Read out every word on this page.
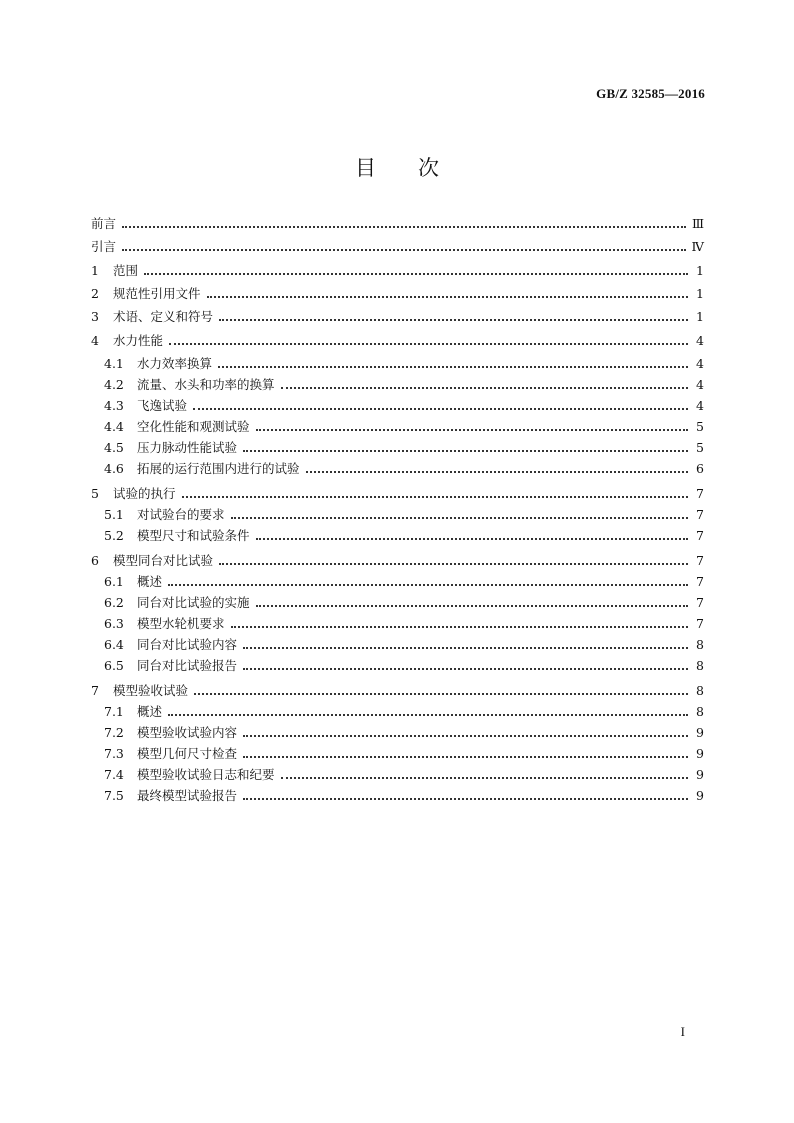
GB/Z 32585—2016
目 次
前言	Ⅲ
引言	Ⅳ
1	范围	1
2	规范性引用文件	1
3	术语、定义和符号	1
4	水力性能	4
4.1	水力效率换算	4
4.2	流量、水头和功率的换算	4
4.3	飞逸试验	4
4.4	空化性能和观测试验	5
4.5	压力脉动性能试验	5
4.6	拓展的运行范围内进行的试验	6
5	试验的执行	7
5.1	对试验台的要求	7
5.2	模型尺寸和试验条件	7
6	模型同台对比试验	7
6.1	概述	7
6.2	同台对比试验的实施	7
6.3	模型水轮机要求	7
6.4	同台对比试验内容	8
6.5	同台对比试验报告	8
7	模型验收试验	8
7.1	概述	8
7.2	模型验收试验内容	9
7.3	模型几何尺寸检查	9
7.4	模型验收试验日志和纪要	9
7.5	最终模型试验报告	9
I
